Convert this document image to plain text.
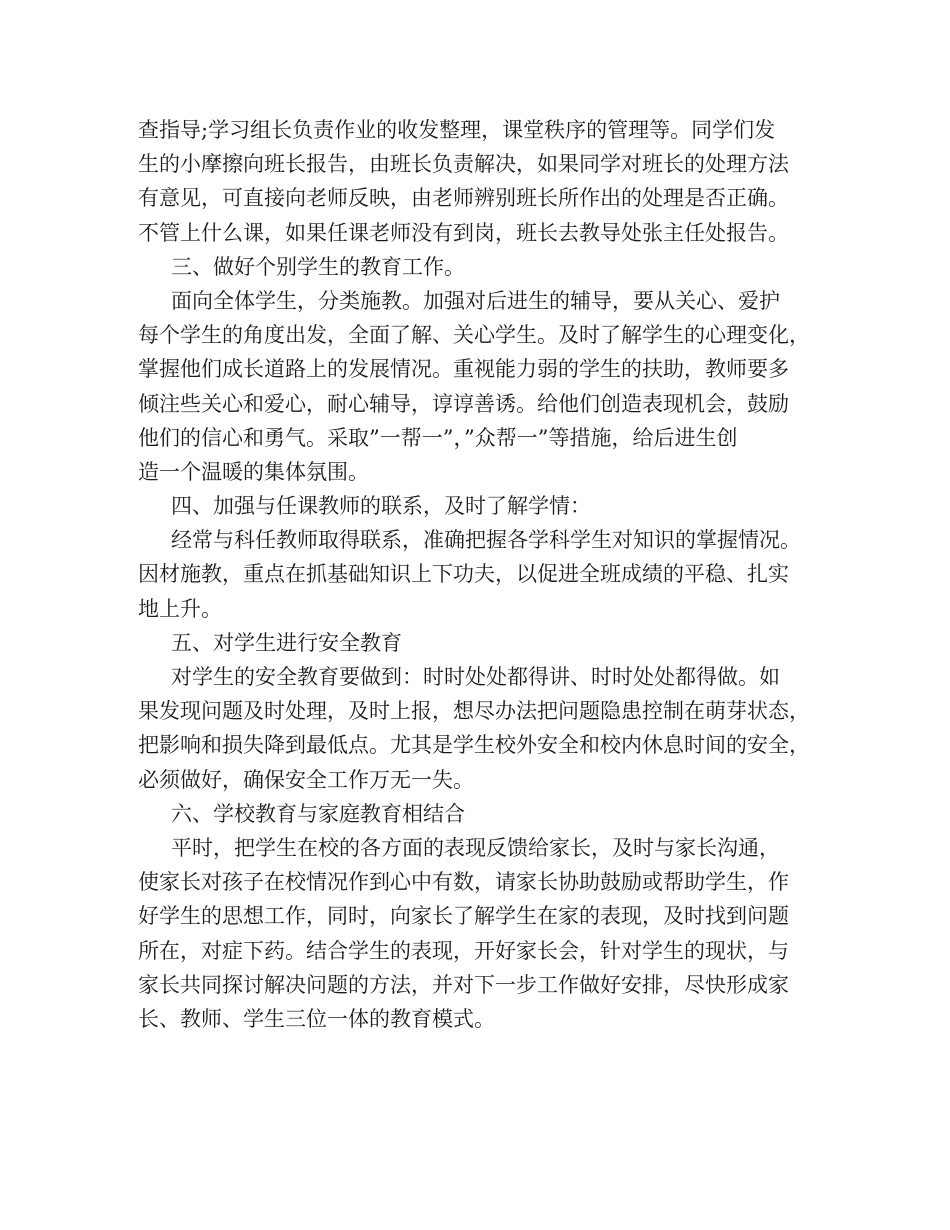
查指导;学习组长负责作业的收发整理，课堂秩序的管理等。同学们发
生的小摩擦向班长报告，由班长负责解决，如果同学对班长的处理方法
有意见，可直接向老师反映，由老师辨别班长所作出的处理是否正确。
不管上什么课，如果任课老师没有到岗，班长去教导处张主任处报告。
三、做好个别学生的教育工作。
面向全体学生，分类施教。加强对后进生的辅导，要从关心、爱护
每个学生的角度出发，全面了解、关心学生。及时了解学生的心理变化，
掌握他们成长道路上的发展情况。重视能力弱的学生的扶助，教师要多
倾注些关心和爱心，耐心辅导，谆谆善诱。给他们创造表现机会，鼓励
他们的信心和勇气。采取”一帮一”，”众帮一”等措施，给后进生创
造一个温暖的集体氛围。
四、加强与任课教师的联系，及时了解学情：
经常与科任教师取得联系，准确把握各学科学生对知识的掌握情况。
因材施教，重点在抓基础知识上下功夫，以促进全班成绩的平稳、扎实
地上升。
五、对学生进行安全教育
对学生的安全教育要做到：时时处处都得讲、时时处处都得做。如
果发现问题及时处理，及时上报，想尽办法把问题隐患控制在萌芽状态，
把影响和损失降到最低点。尤其是学生校外安全和校内休息时间的安全，
必须做好，确保安全工作万无一失。
六、学校教育与家庭教育相结合
平时，把学生在校的各方面的表现反馈给家长，及时与家长沟通，
使家长对孩子在校情况作到心中有数，请家长协助鼓励或帮助学生，作
好学生的思想工作，同时，向家长了解学生在家的表现，及时找到问题
所在，对症下药。结合学生的表现，开好家长会，针对学生的现状，与
家长共同探讨解决问题的方法，并对下一步工作做好安排，尽快形成家
长、教师、学生三位一体的教育模式。
